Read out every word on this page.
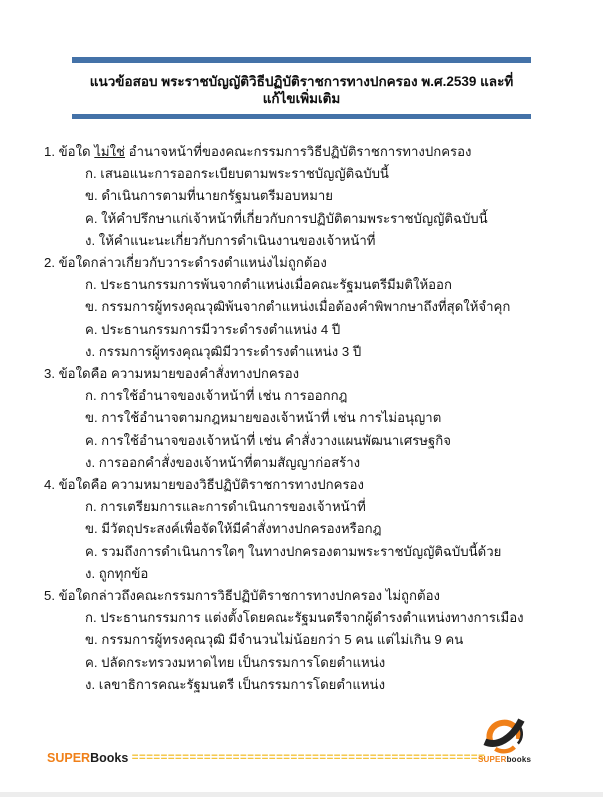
แนวข้อสอบ พระราชบัญญัติวิธีปฏิบัติราชการทางปกครอง พ.ศ.2539 และที่แก้ไขเพิ่มเติม
1. ข้อใด ไม่ใช่ อำนาจหน้าที่ของคณะกรรมการวิธีปฏิบัติราชการทางปกครอง
ก. เสนอแนะการออกระเบียบตามพระราชบัญญัติฉบับนี้
ข. ดำเนินการตามที่นายกรัฐมนตรีมอบหมาย
ค. ให้คำปรึกษาแก่เจ้าหน้าที่เกี่ยวกับการปฏิบัติตามพระราชบัญญัติฉบับนี้
ง. ให้คำแนะนะเกี่ยวกับการดำเนินงานของเจ้าหน้าที่
2. ข้อใดกล่าวเกี่ยวกับวาระดำรงตำแหน่งไม่ถูกต้อง
ก. ประธานกรรมการพ้นจากตำแหน่งเมื่อคณะรัฐมนตรีมีมติให้ออก
ข. กรรมการผู้ทรงคุณวุฒิพ้นจากตำแหน่งเมื่อต้องคำพิพากษาถึงที่สุดให้จำคุก
ค. ประธานกรรมการมีวาระดำรงตำแหน่ง 4 ปี
ง. กรรมการผู้ทรงคุณวุฒิมีวาระดำรงตำแหน่ง 3 ปี
3. ข้อใดคือ ความหมายของคำสั่งทางปกครอง
ก. การใช้อำนาจของเจ้าหน้าที่ เช่น การออกกฎ
ข. การใช้อำนาจตามกฎหมายของเจ้าหน้าที่ เช่น การไม่อนุญาต
ค. การใช้อำนาจของเจ้าหน้าที่ เช่น คำสั่งวางแผนพัฒนาเศรษฐกิจ
ง. การออกคำสั่งของเจ้าหน้าที่ตามสัญญาก่อสร้าง
4. ข้อใดคือ ความหมายของวิธีปฏิบัติราชการทางปกครอง
ก. การเตรียมการและการดำเนินการของเจ้าหน้าที่
ข. มีวัตถุประสงค์เพื่อจัดให้มีคำสั่งทางปกครองหรือกฎ
ค. รวมถึงการดำเนินการใดๆ ในทางปกครองตามพระราชบัญญัติฉบับนี้ด้วย
ง. ถูกทุกข้อ
5. ข้อใดกล่าวถึงคณะกรรมการวิธีปฏิบัติราชการทางปกครอง ไม่ถูกต้อง
ก. ประธานกรรมการ แต่งตั้งโดยคณะรัฐมนตรีจากผู้ดำรงตำแหน่งทางการเมือง
ข. กรรมการผู้ทรงคุณวุฒิ มีจำนวนไม่น้อยกว่า 5 คน แต่ไม่เกิน 9 คน
ค. ปลัดกระทรวงมหาดไทย เป็นกรรมการโดยตำแหน่ง
ง. เลขาธิการคณะรัฐมนตรี เป็นกรรมการโดยตำแหน่ง
SUPERBooks =================================================
SUPERbooks
